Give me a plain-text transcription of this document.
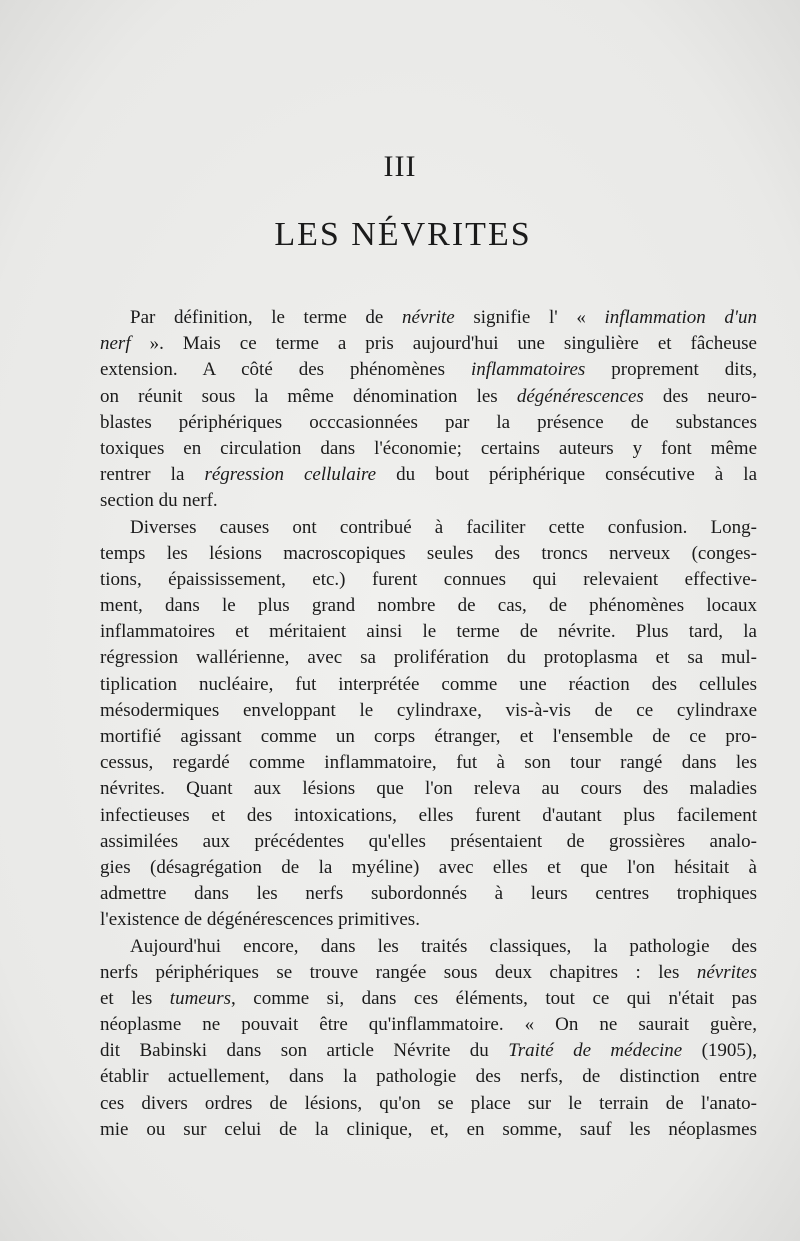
III
LES NÉVRITES
Par définition, le terme de névrite signifie l' « inflammation d'un
nerf ». Mais ce terme a pris aujourd'hui une singulière et fâcheuse
extension. A côté des phénomènes inflammatoires proprement dits,
on réunit sous la même dénomination les dégénérescences des neuro-
blastes périphériques occcasionnées par la présence de substances
toxiques en circulation dans l'économie; certains auteurs y font même
rentrer la régression cellulaire du bout périphérique consécutive à la
section du nerf.
Diverses causes ont contribué à faciliter cette confusion. Long-
temps les lésions macroscopiques seules des troncs nerveux (conges-
tions, épaississement, etc.) furent connues qui relevaient effective-
ment, dans le plus grand nombre de cas, de phénomènes locaux
inflammatoires et méritaient ainsi le terme de névrite. Plus tard, la
régression wallérienne, avec sa prolifération du protoplasma et sa mul-
tiplication nucléaire, fut interprétée comme une réaction des cellules
mésodermiques enveloppant le cylindraxe, vis-à-vis de ce cylindraxe
mortifié agissant comme un corps étranger, et l'ensemble de ce pro-
cessus, regardé comme inflammatoire, fut à son tour rangé dans les
névrites. Quant aux lésions que l'on releva au cours des maladies
infectieuses et des intoxications, elles furent d'autant plus facilement
assimilées aux précédentes qu'elles présentaient de grossières analo-
gies (désagrégation de la myéline) avec elles et que l'on hésitait à
admettre dans les nerfs subordonnés à leurs centres trophiques
l'existence de dégénérescences primitives.
Aujourd'hui encore, dans les traités classiques, la pathologie des
nerfs périphériques se trouve rangée sous deux chapitres : les névrites
et les tumeurs, comme si, dans ces éléments, tout ce qui n'était pas
néoplasme ne pouvait être qu'inflammatoire. « On ne saurait guère,
dit Babinski dans son article Névrite du Traité de médecine (1905),
établir actuellement, dans la pathologie des nerfs, de distinction entre
ces divers ordres de lésions, qu'on se place sur le terrain de l'anato-
mie ou sur celui de la clinique, et, en somme, sauf les néoplasmes
